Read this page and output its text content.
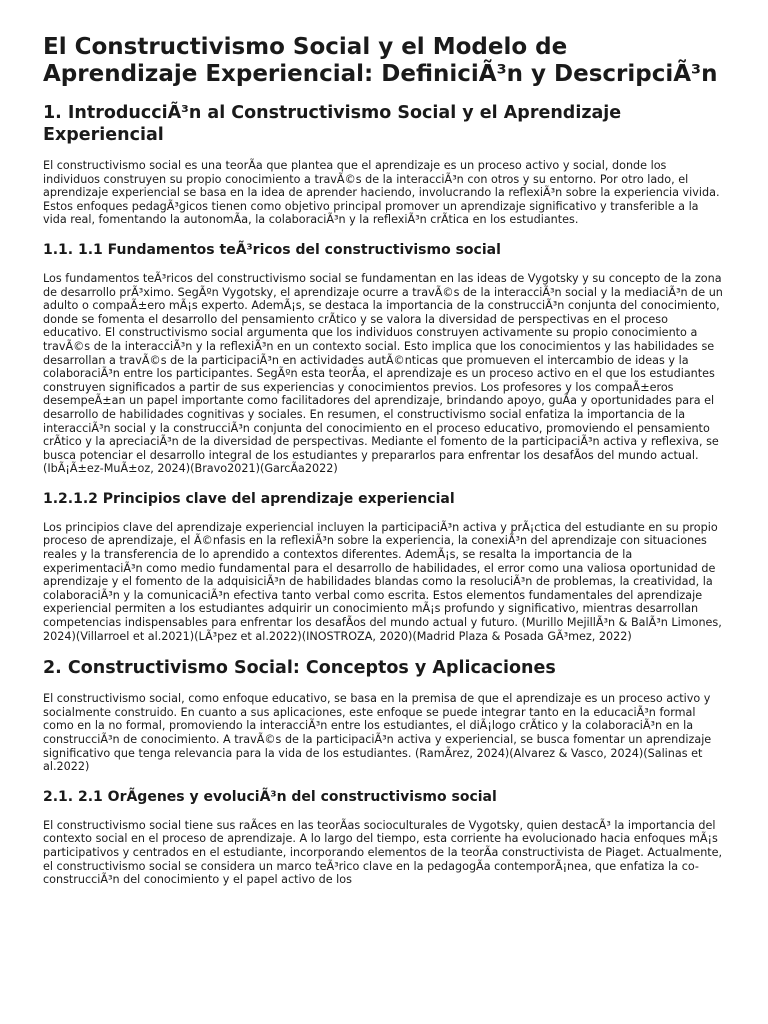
El Constructivismo Social y el Modelo de Aprendizaje Experiencial: DefiniciÃ³n y DescripciÃ³n
1. IntroducciÃ³n al Constructivismo Social y el Aprendizaje Experiencial

El constructivismo social es una teorÃa que plantea que el aprendizaje es un proceso activo y social, donde los individuos construyen su propio conocimiento a travÃ©s de la interacciÃ³n con otros y su entorno. Por otro lado, el aprendizaje experiencial se basa en la idea de aprender haciendo, involucrando la reflexiÃ³n sobre la experiencia vivida. Estos enfoques pedagÃ³gicos tienen como objetivo principal promover un aprendizaje significativo y transferible a la vida real, fomentando la autonomÃa, la colaboraciÃ³n y la reflexiÃ³n crÃtica en los estudiantes.

1.1. 1.1 Fundamentos teÃ³ricos del constructivismo social

Los fundamentos teÃ³ricos del constructivismo social se fundamentan en las ideas de Vygotsky y su concepto de la zona de desarrollo prÃ³ximo. SegÃºn Vygotsky, el aprendizaje ocurre a travÃ©s de la interacciÃ³n social y la mediaciÃ³n de un adulto o compaÃ±ero mÃ¡s experto. AdemÃ¡s, se destaca la importancia de la construcciÃ³n conjunta del conocimiento, donde se fomenta el desarrollo del pensamiento crÃtico y se valora la diversidad de perspectivas en el proceso educativo. El constructivismo social argumenta que los individuos construyen activamente su propio conocimiento a travÃ©s de la interacciÃ³n y la reflexiÃ³n en un contexto social. Esto implica que los conocimientos y las habilidades se desarrollan a travÃ©s de la participaciÃ³n en actividades autÃ©nticas que promueven el intercambio de ideas y la colaboraciÃ³n entre los participantes. SegÃºn esta teorÃa, el aprendizaje es un proceso activo en el que los estudiantes construyen significados a partir de sus experiencias y conocimientos previos. Los profesores y los compaÃ±eros desempeÃ±an un papel importante como facilitadores del aprendizaje, brindando apoyo, guÃa y oportunidades para el desarrollo de habilidades cognitivas y sociales. En resumen, el constructivismo social enfatiza la importancia de la interacciÃ³n social y la construcciÃ³n conjunta del conocimiento en el proceso educativo, promoviendo el pensamiento crÃtico y la apreciaciÃ³n de la diversidad de perspectivas. Mediante el fomento de la participaciÃ³n activa y reflexiva, se busca potenciar el desarrollo integral de los estudiantes y prepararlos para enfrentar los desafÃos del mundo actual. (IbÃ¡Ã±ez-MuÃ±oz, 2024)(Bravo2021)(GarcÃa2022)

1.2.1.2 Principios clave del aprendizaje experiencial

Los principios clave del aprendizaje experiencial incluyen la participaciÃ³n activa y prÃ¡ctica del estudiante en su propio proceso de aprendizaje, el Ã©nfasis en la reflexiÃ³n sobre la experiencia, la conexiÃ³n del aprendizaje con situaciones reales y la transferencia de lo aprendido a contextos diferentes. AdemÃ¡s, se resalta la importancia de la experimentaciÃ³n como medio fundamental para el desarrollo de habilidades, el error como una valiosa oportunidad de aprendizaje y el fomento de la adquisiciÃ³n de habilidades blandas como la resoluciÃ³n de problemas, la creatividad, la colaboraciÃ³n y la comunicaciÃ³n efectiva tanto verbal como escrita. Estos elementos fundamentales del aprendizaje experiencial permiten a los estudiantes adquirir un conocimiento mÃ¡s profundo y significativo, mientras desarrollan competencias indispensables para enfrentar los desafÃos del mundo actual y futuro. (Murillo MejillÃ³n & BalÃ³n Limones, 2024)(Villarroel et al.2021)(LÃ³pez et al.2022)(INOSTROZA, 2020)(Madrid Plaza & Posada GÃ³mez, 2022)

2. Constructivismo Social: Conceptos y Aplicaciones

El constructivismo social, como enfoque educativo, se basa en la premisa de que el aprendizaje es un proceso activo y socialmente construido. En cuanto a sus aplicaciones, este enfoque se puede integrar tanto en la educaciÃ³n formal como en la no formal, promoviendo la interacciÃ³n entre los estudiantes, el diÃ¡logo crÃtico y la colaboraciÃ³n en la construcciÃ³n de conocimiento. A travÃ©s de la participaciÃ³n activa y experiencial, se busca fomentar un aprendizaje significativo que tenga relevancia para la vida de los estudiantes. (RamÃrez, 2024)(Alvarez & Vasco, 2024)(Salinas et al.2022)

2.1. 2.1 OrÃgenes y evoluciÃ³n del constructivismo social

El constructivismo social tiene sus raÃces en las teorÃas socioculturales de Vygotsky, quien destacÃ³ la importancia del contexto social en el proceso de aprendizaje. A lo largo del tiempo, esta corriente ha evolucionado hacia enfoques mÃ¡s participativos y centrados en el estudiante, incorporando elementos de la teorÃa constructivista de Piaget. Actualmente, el constructivismo social se considera un marco teÃ³rico clave en la pedagogÃa contemporÃ¡nea, que enfatiza la co-construcciÃ³n del conocimiento y el papel activo de los
